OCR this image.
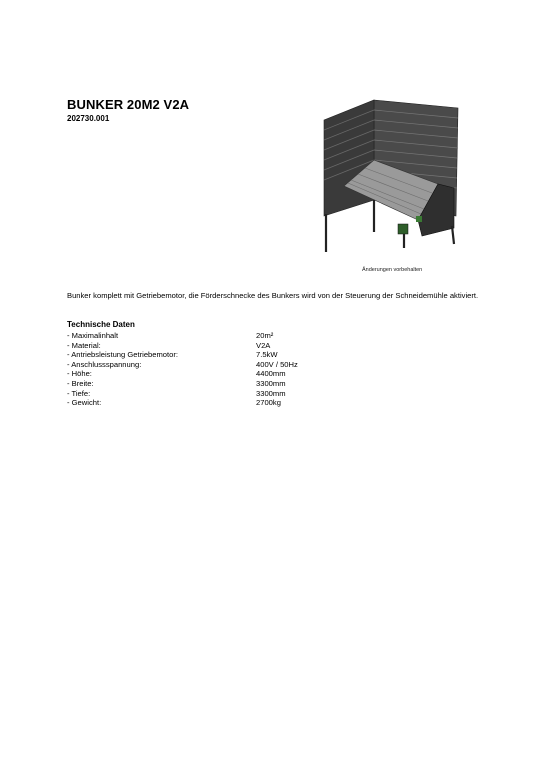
BUNKER 20M2 V2A
202730.001
Änderungen vorbehalten
Bunker komplett mit Getriebemotor, die Förderschnecke des Bunkers wird von der Steuerung der Schneidemühle aktiviert.
Technische Daten
- Maximalinhalt	20m²
- Material:	V2A
- Antriebsleistung Getriebemotor:	7.5kW
- Anschlussspannung:	400V / 50Hz
- Höhe:	4400mm
- Breite:	3300mm
- Tiefe:	3300mm
- Gewicht:	2700kg
